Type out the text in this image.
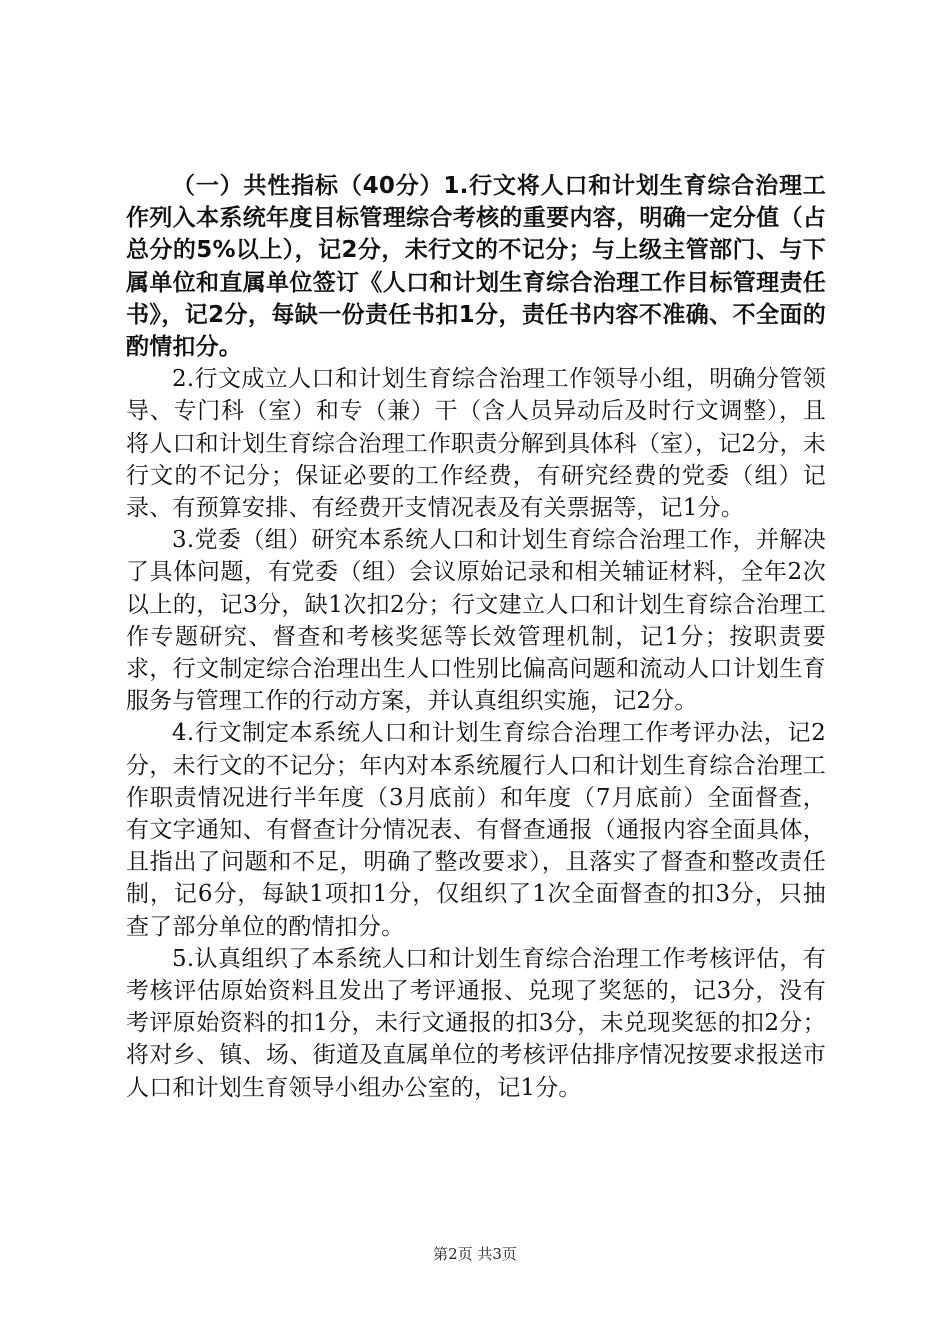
（一）共性指标（40分）1.行文将人口和计划生育综合治理工作列入本系统年度目标管理综合考核的重要内容，明确一定分值（占总分的5%以上），记2分，未行文的不记分；与上级主管部门、与下属单位和直属单位签订《人口和计划生育综合治理工作目标管理责任书》，记2分，每缺一份责任书扣1分，责任书内容不准确、不全面的酌情扣分。

2.行文成立人口和计划生育综合治理工作领导小组，明确分管领导、专门科（室）和专（兼）干（含人员异动后及时行文调整），且将人口和计划生育综合治理工作职责分解到具体科（室），记2分，未行文的不记分；保证必要的工作经费，有研究经费的党委（组）记录、有预算安排、有经费开支情况表及有关票据等，记1分。

3.党委（组）研究本系统人口和计划生育综合治理工作，并解决了具体问题，有党委（组）会议原始记录和相关辅证材料，全年2次以上的，记3分，缺1次扣2分；行文建立人口和计划生育综合治理工作专题研究、督查和考核奖惩等长效管理机制，记1分；按职责要求，行文制定综合治理出生人口性别比偏高问题和流动人口计划生育服务与管理工作的行动方案，并认真组织实施，记2分。

4.行文制定本系统人口和计划生育综合治理工作考评办法，记2分，未行文的不记分；年内对本系统履行人口和计划生育综合治理工作职责情况进行半年度（3月底前）和年度（7月底前）全面督查，有文字通知、有督查计分情况表、有督查通报（通报内容全面具体，且指出了问题和不足，明确了整改要求），且落实了督查和整改责任制，记6分，每缺1项扣1分，仅组织了1次全面督查的扣3分，只抽查了部分单位的酌情扣分。

5.认真组织了本系统人口和计划生育综合治理工作考核评估，有考核评估原始资料且发出了考评通报、兑现了奖惩的，记3分，没有考评原始资料的扣1分，未行文通报的扣3分，未兑现奖惩的扣2分；将对乡、镇、场、街道及直属单位的考核评估排序情况按要求报送市人口和计划生育领导小组办公室的，记1分。

第2页 共3页
